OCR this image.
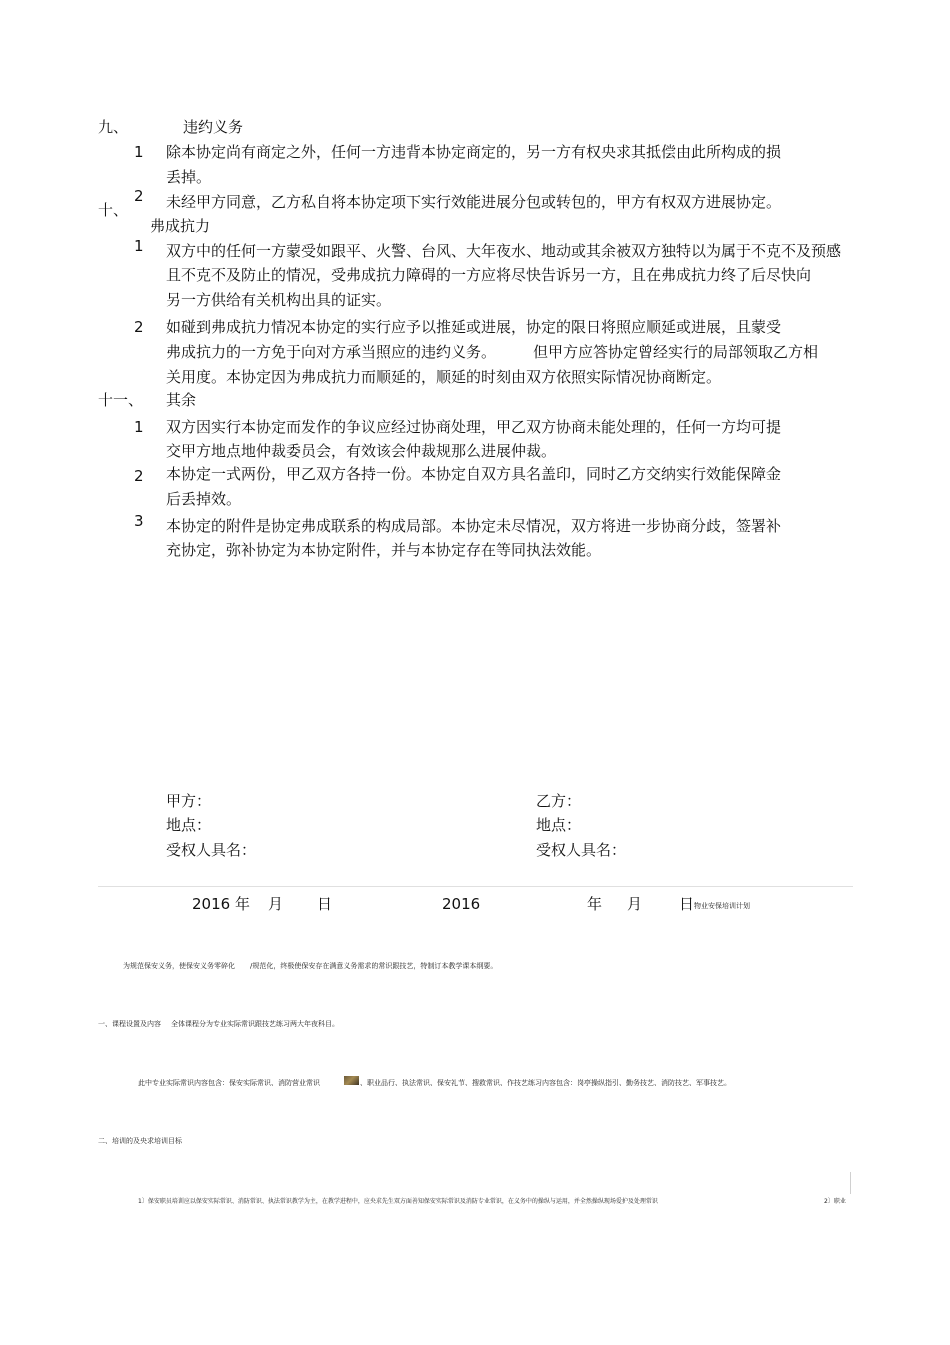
九、	违约义务
1 除本协定尚有商定之外，任何一方违背本协定商定的，另一方有权央求其抵偿由此所构成的损
丢掉。
2 未经甲方同意，乙方私自将本协定项下实行效能进展分包或转包的，甲方有权双方进展协定。
十、
弗成抗力
1 双方中的任何一方蒙受如跟平、火警、台风、大年夜水、地动或其余被双方独特以为属于不克不及预感
且不克不及防止的情况，受弗成抗力障碍的一方应将尽快告诉另一方，且在弗成抗力终了后尽快向
另一方供给有关机构出具的证实。
2 如碰到弗成抗力情况本协定的实行应予以推延或进展，协定的限日将照应顺延或进展，且蒙受
弗成抗力的一方免于向对方承当照应的违约义务。 但甲方应答协定曾经实行的局部领取乙方相
关用度。本协定因为弗成抗力而顺延的，顺延的时刻由双方依照实际情况协商断定。
十一、 其余
1 双方因实行本协定而发作的争议应经过协商处理，甲乙双方协商未能处理的，任何一方均可提
交甲方地点地仲裁委员会，有效该会仲裁规那么进展仲裁。
2 本协定一式两份，甲乙双方各持一份。本协定自双方具名盖印，同时乙方交纳实行效能保障金
后丢掉效。
3 本协定的附件是协定弗成联系的构成局部。本协定未尽情况，双方将进一步协商分歧，签署补
充协定，弥补协定为本协定附件，并与本协定存在等同执法效能。
甲方：	乙方：
地点：	地点：
受权人具名：	受权人具名：
2016 年 月 日	2016	年 月 日 物业安保培训计划
为规范保安义务，使保安义务零碎化 /规范化，终极使保安存在满意义务需求的常识跟技艺，特制订本教学课本纲要。
一、课程设置及内容 全体课程分为专业实际常识跟技艺练习两大年夜科目。
此中专业实际常识内容包含：保安实际常识、消防营业常识	、职业品行、执法常识、保安礼节、搜救常识、作技艺练习内容包含：岗亭操纵指引、勤务技艺、消防技艺、军事技艺。
二、培训的及央求培训目标
1〕保安职员培训应以保安实际常识、消防常识、执法常识教学为主，在教学进程中，应央求先生双方面善知保安实际常识及消防专业常识，在义务中的操纵与运用，并全然操纵现场爱护及处理常识	2〕职业
